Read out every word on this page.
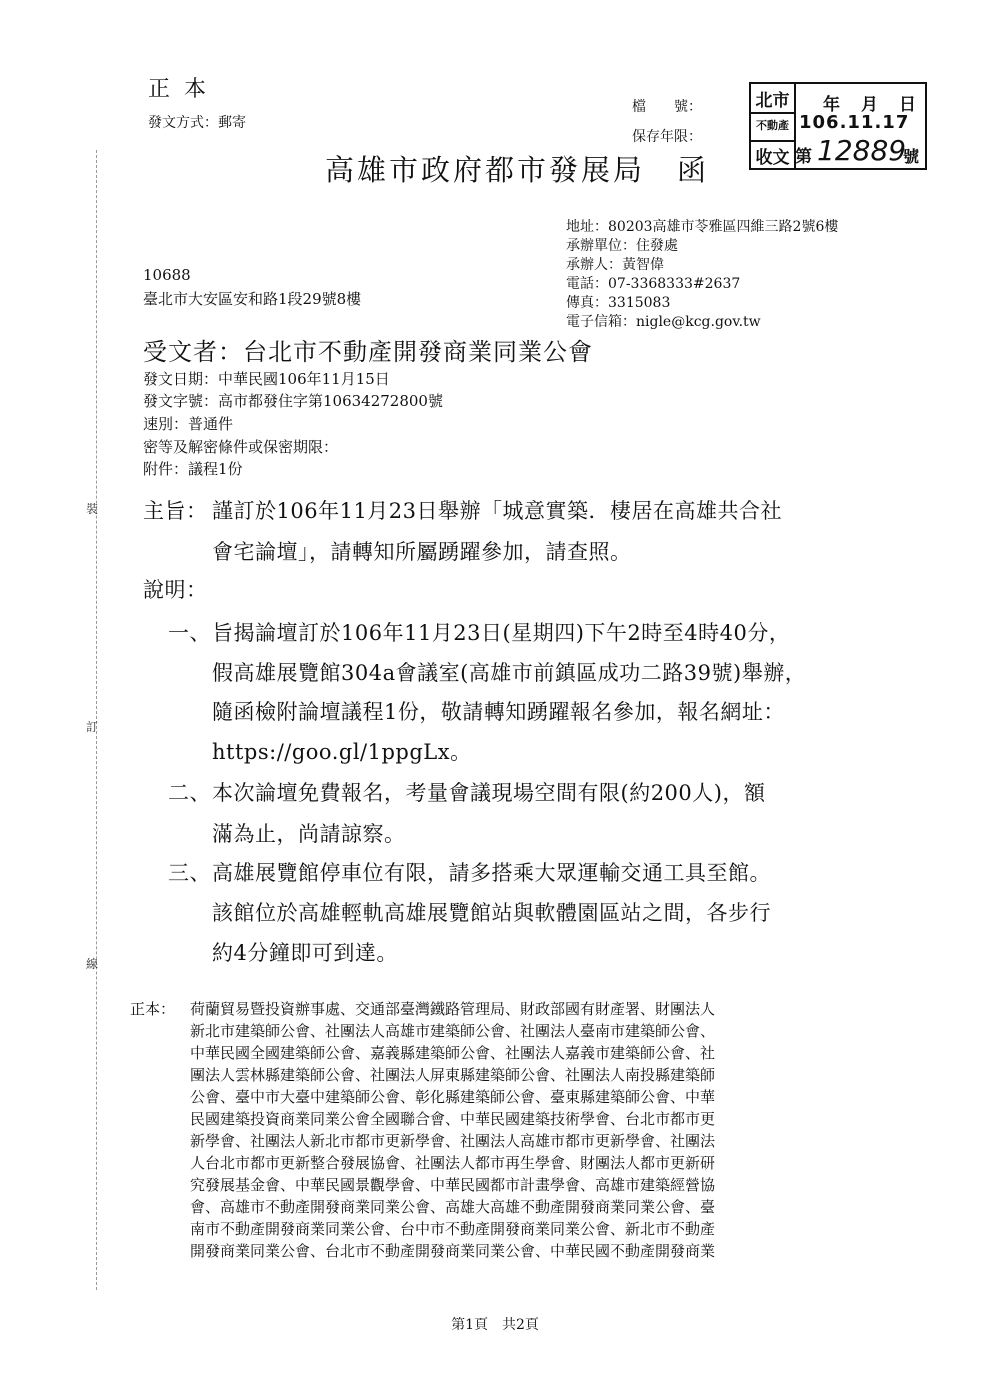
裝
訂
線
正本
發文方式：郵寄
檔　　號：
保存年限：
高雄市政府都市發展局　函
北市
不動產
收文
年　月　日
106.11.17
第 12889
號
地址：80203高雄市苓雅區四維三路2號6樓
承辦單位：住發處
承辦人：黃智偉
電話：07-3368333#2637
傳真：3315083
電子信箱：nigle@kcg.gov.tw
10688
臺北市大安區安和路1段29號8樓
受文者：台北市不動產開發商業同業公會
發文日期：中華民國106年11月15日
發文字號：高市都發住字第10634272800號
速別：普通件
密等及解密條件或保密期限：
附件：議程1份
主旨： 謹訂於106年11月23日舉辦「城意實築．棲居在高雄共合社
會宅論壇」，請轉知所屬踴躍參加，請查照。
說明：
一、 旨揭論壇訂於106年11月23日(星期四)下午2時至4時40分，
假高雄展覽館304a會議室(高雄市前鎮區成功二路39號)舉辦，
隨函檢附論壇議程1份，敬請轉知踴躍報名參加，報名網址：
https://goo.gl/1ppgLx。
二、 本次論壇免費報名，考量會議現場空間有限(約200人)，額
滿為止，尚請諒察。
三、 高雄展覽館停車位有限，請多搭乘大眾運輸交通工具至館。
該館位於高雄輕軌高雄展覽館站與軟體園區站之間，各步行
約4分鐘即可到達。
正本： 荷蘭貿易暨投資辦事處、交通部臺灣鐵路管理局、財政部國有財產署、財團法人
新北市建築師公會、社團法人高雄市建築師公會、社團法人臺南市建築師公會、
中華民國全國建築師公會、嘉義縣建築師公會、社團法人嘉義市建築師公會、社
團法人雲林縣建築師公會、社團法人屏東縣建築師公會、社團法人南投縣建築師
公會、臺中市大臺中建築師公會、彰化縣建築師公會、臺東縣建築師公會、中華
民國建築投資商業同業公會全國聯合會、中華民國建築技術學會、台北市都市更
新學會、社團法人新北市都市更新學會、社團法人高雄市都市更新學會、社團法
人台北市都市更新整合發展協會、社團法人都市再生學會、財團法人都市更新研
究發展基金會、中華民國景觀學會、中華民國都市計畫學會、高雄市建築經營協
會、高雄市不動產開發商業同業公會、高雄大高雄不動產開發商業同業公會、臺
南市不動產開發商業同業公會、台中市不動產開發商業同業公會、新北市不動產
開發商業同業公會、台北市不動產開發商業同業公會、中華民國不動產開發商業
第1頁　共2頁
